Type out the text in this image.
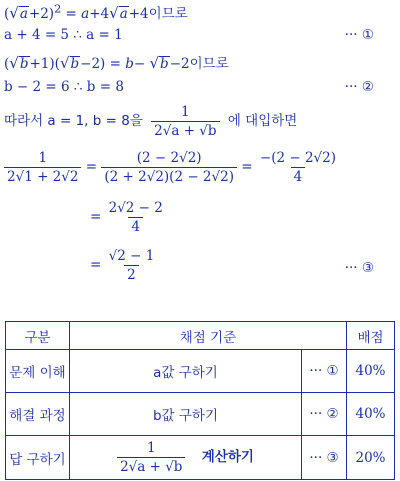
$(√a+2)^2 = a+4√a+4$이므로
a + 4 = 5 ∴ a = 1	··· ①
(√b+1)(√b−2) = b− √b−2이므로
b − 2 = 6 ∴ b = 8	··· ②
따라서 a = 1, b = 8을 $\frac{1}{2√a + √b}$ 에 대입하면
$\frac{1}{2√1 + 2√2} = \frac{(2 - 2√2)}{(2 + 2√2)(2 - 2√2)} = \frac{-(2 - 2√2)}{4}$
= $\frac{2√2 - 2}{4}$
= $\frac{√2 - 1}{2}$	··· ③
구분	채점 기준		배점
문제 이해	a값 구하기	··· ①	40%
해결 과정	b값 구하기	··· ②	40%
답 구하기	$\frac{1}{2√a + √b}$ 계산하기	··· ③	20%
